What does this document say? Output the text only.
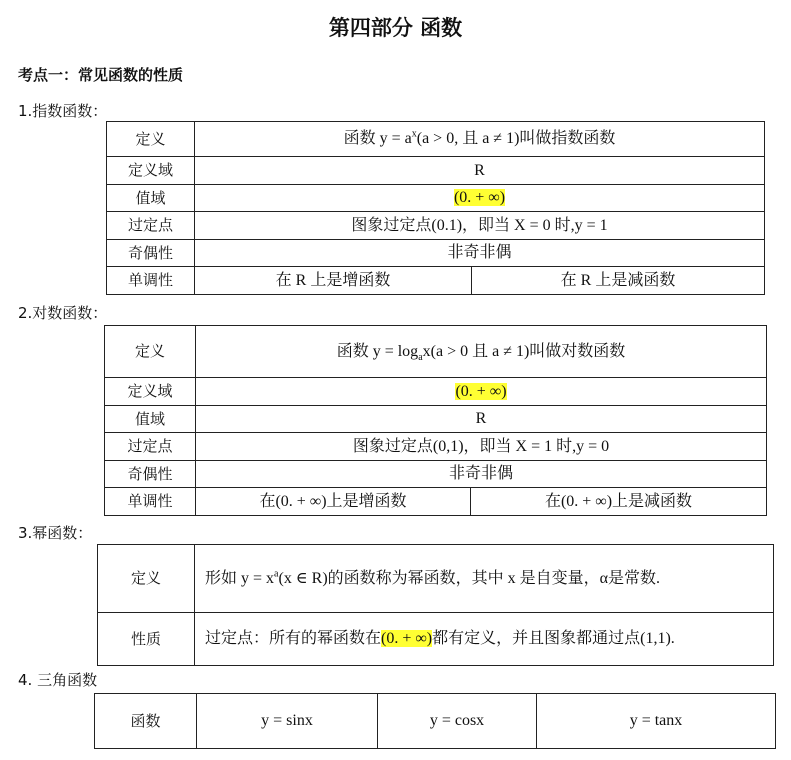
第四部分 函数
考点一：常见函数的性质
1.指数函数：
定义	函数 $y = a^x(a > 0$, 且 a ≠ 1)叫做指数函数	
定义域	R	
值域	(0. + ∞)	
过定点	图象过定点(0.1)，即当 X = 0 时,y = 1	
奇偶性	非奇非偶	
单调性	在 R 上是增函数	在 R 上是减函数
2.对数函数：
定义	函数 $y = \log_ax(a > 0$ 且 a ≠ 1)叫做对数函数	
定义域	(0. + ∞)	
值域	R	
过定点	图象过定点(0,1)，即当 X = 1 时,y = 0	
奇偶性	非奇非偶	
单调性	在(0. + ∞)上是增函数	在(0. + ∞)上是减函数
3.幂函数：
定义	形如 $y = x^a(x$ ∈ R)的函数称为幂函数，其中 x 是自变量，α是常数.
性质	过定点：所有的幂函数在(0. + ∞)都有定义，并且图象都通过点(1,1).
4. 三角函数
函数	y = sinx	y = cosx	y = tanx
